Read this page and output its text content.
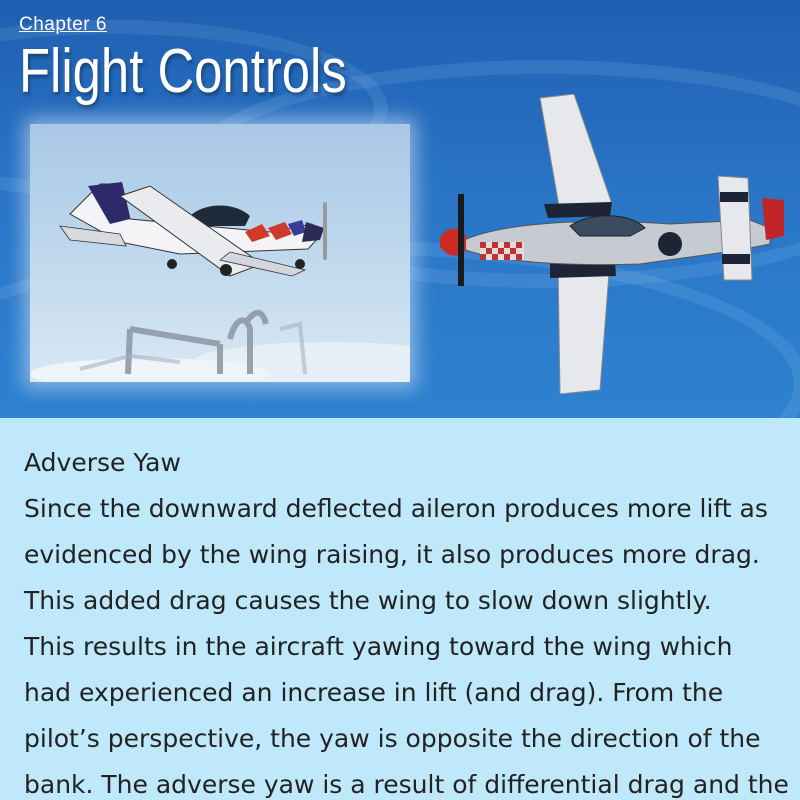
Chapter 6
Flight Controls
Adverse Yaw
Since the downward deflected aileron produces more lift as
evidenced by the wing raising, it also produces more drag.
This added drag causes the wing to slow down slightly.
This results in the aircraft yawing toward the wing which
had experienced an increase in lift (and drag). From the
pilot’s perspective, the yaw is opposite the direction of the
bank. The adverse yaw is a result of differential drag and the
